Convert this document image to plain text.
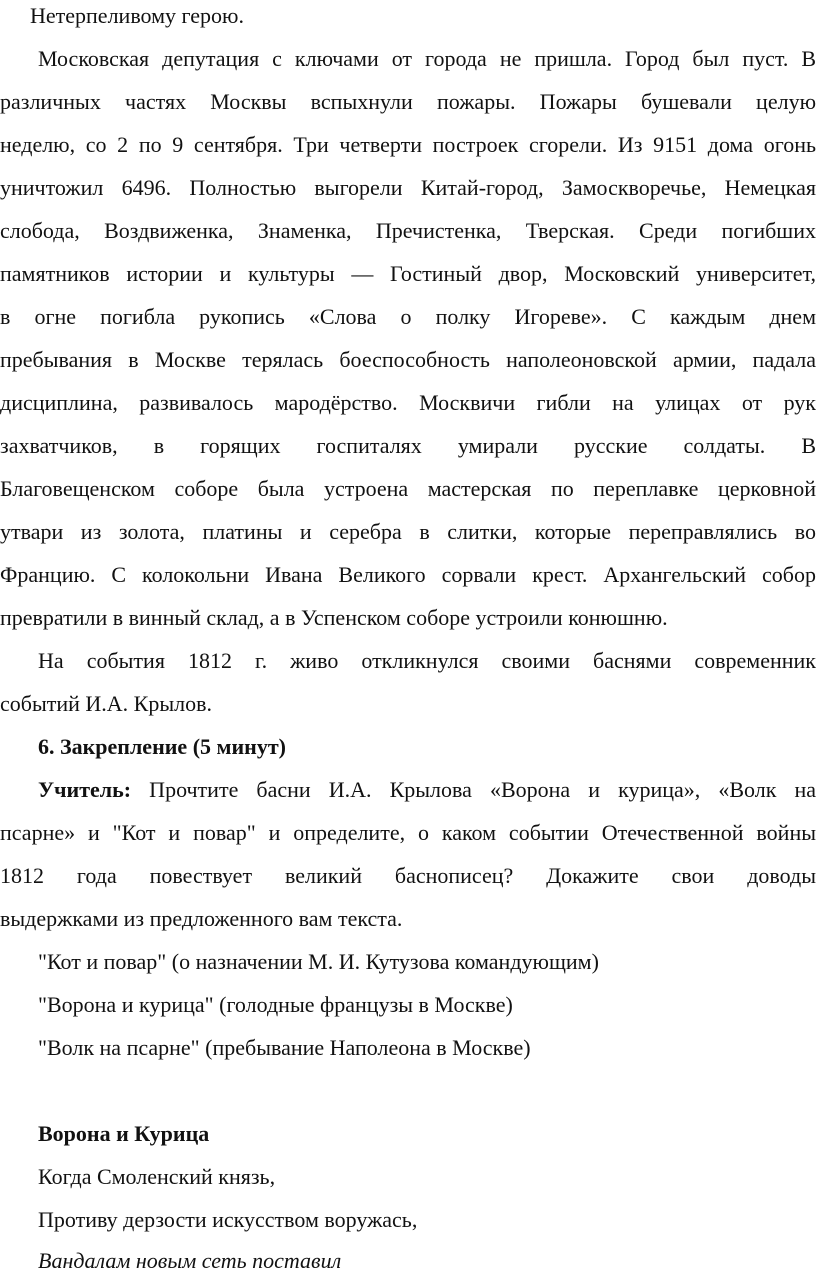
Нетерпеливому герою.
Московская депутация с ключами от города не пришла. Город был пуст. В
различных частях Москвы вспыхнули пожары. Пожары бушевали целую
неделю, со 2 по 9 сентября. Три четверти построек сгорели. Из 9151 дома огонь
уничтожил 6496. Полностью выгорели Китай-город, Замоскворечье, Немецкая
слобода, Воздвиженка, Знаменка, Пречистенка, Тверская. Среди погибших
памятников истории и культуры — Гостиный двор, Московский университет,
в огне погибла рукопись «Слова о полку Игореве». С каждым днем
пребывания в Москве терялась боеспособность наполеоновской армии, падала
дисциплина, развивалось мародёрство. Москвичи гибли на улицах от рук
захватчиков, в горящих госпиталях умирали русские солдаты. В
Благовещенском соборе была устроена мастерская по переплавке церковной
утвари из золота, платины и серебра в слитки, которые переправлялись во
Францию. С колокольни Ивана Великого сорвали крест. Архангельский собор
превратили в винный склад, а в Успенском соборе устроили конюшню.
На события 1812 г. живо откликнулся своими баснями современник
событий И.А. Крылов.
6. Закрепление (5 минут)
Учитель: Прочтите басни И.А. Крылова «Ворона и курица», «Волк на
псарне» и "Кот и повар" и определите, о каком событии Отечественной войны
1812 года повествует великий баснописец? Докажите свои доводы
выдержками из предложенного вам текста.
"Кот и повар" (о назначении М. И. Кутузова командующим)
"Ворона и курица" (голодные французы в Москве)
"Волк на псарне" (пребывание Наполеона в Москве)
Ворона и Курица
Когда Смоленский князь,
Противу дерзости искусством воружась,
Вандалам новым сеть поставил
